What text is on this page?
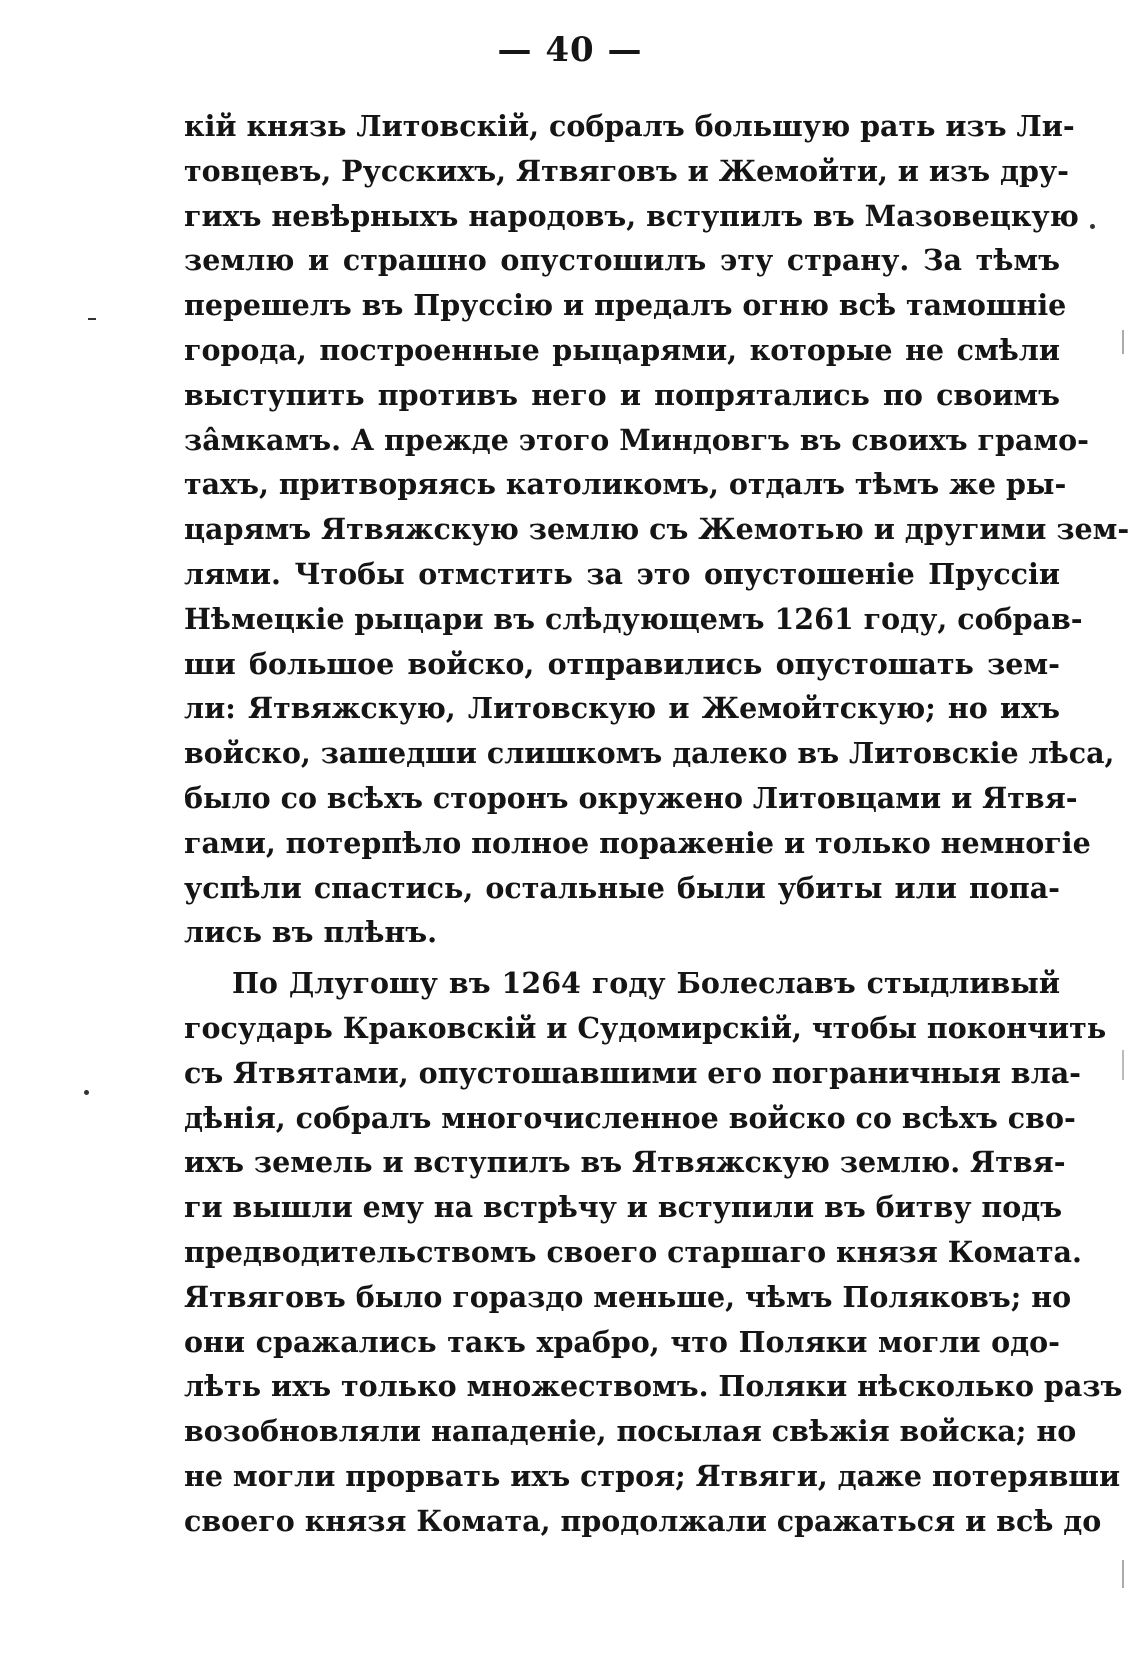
— 40 —
кій князь Литовскій, собралъ большую рать изъ Ли-
товцевъ, Русскихъ, Ятвяговъ и Жемойти, и изъ дру-
гихъ невѣрныхъ народовъ, вступилъ въ Мазовецкую
землю и страшно опустошилъ эту страну. За тѣмъ
перешелъ въ Пруссію и предалъ огню всѣ тамошніе
города, построенные рыцарями, которые не смѣли
выступить противъ него и попрятались по своимъ
зâмкамъ. А прежде этого Миндовгъ въ своихъ грамо-
тахъ, притворяясь католикомъ, отдалъ тѣмъ же ры-
царямъ Ятвяжскую землю съ Жемотью и другими зем-
лями. Чтобы отмстить за это опустошеніе Пруссіи
Нѣмецкіе рыцари въ слѣдующемъ 1261 году, собрав-
ши большое войско, отправились опустошать зем-
ли: Ятвяжскую, Литовскую и Жемойтскую; но ихъ
войско, зашедши слишкомъ далеко въ Литовскіе лѣса,
было со всѣхъ сторонъ окружено Литовцами и Ятвя-
гами, потерпѣло полное пораженіе и только немногіе
успѣли спастись, остальные были убиты или попа-
лись въ плѣнъ.
По Длугошу въ 1264 году Болеславъ стыдливый
государь Краковскій и Судомирскій, чтобы покончить
съ Ятвятами, опустошавшими его пограничныя вла-
дѣнія, собралъ многочисленное войско со всѣхъ сво-
ихъ земель и вступилъ въ Ятвяжскую землю. Ятвя-
ги вышли ему на встрѣчу и вступили въ битву подъ
предводительствомъ своего старшаго князя Комата.
Ятвяговъ было гораздо меньше, чѣмъ Поляковъ; но
они сражались такъ храбро, что Поляки могли одо-
лѣть ихъ только множествомъ. Поляки нѣсколько разъ
возобновляли нападеніе, посылая свѣжія войска; но
не могли прорвать ихъ строя; Ятвяги, даже потерявши
своего князя Комата, продолжали сражаться и всѣ до
